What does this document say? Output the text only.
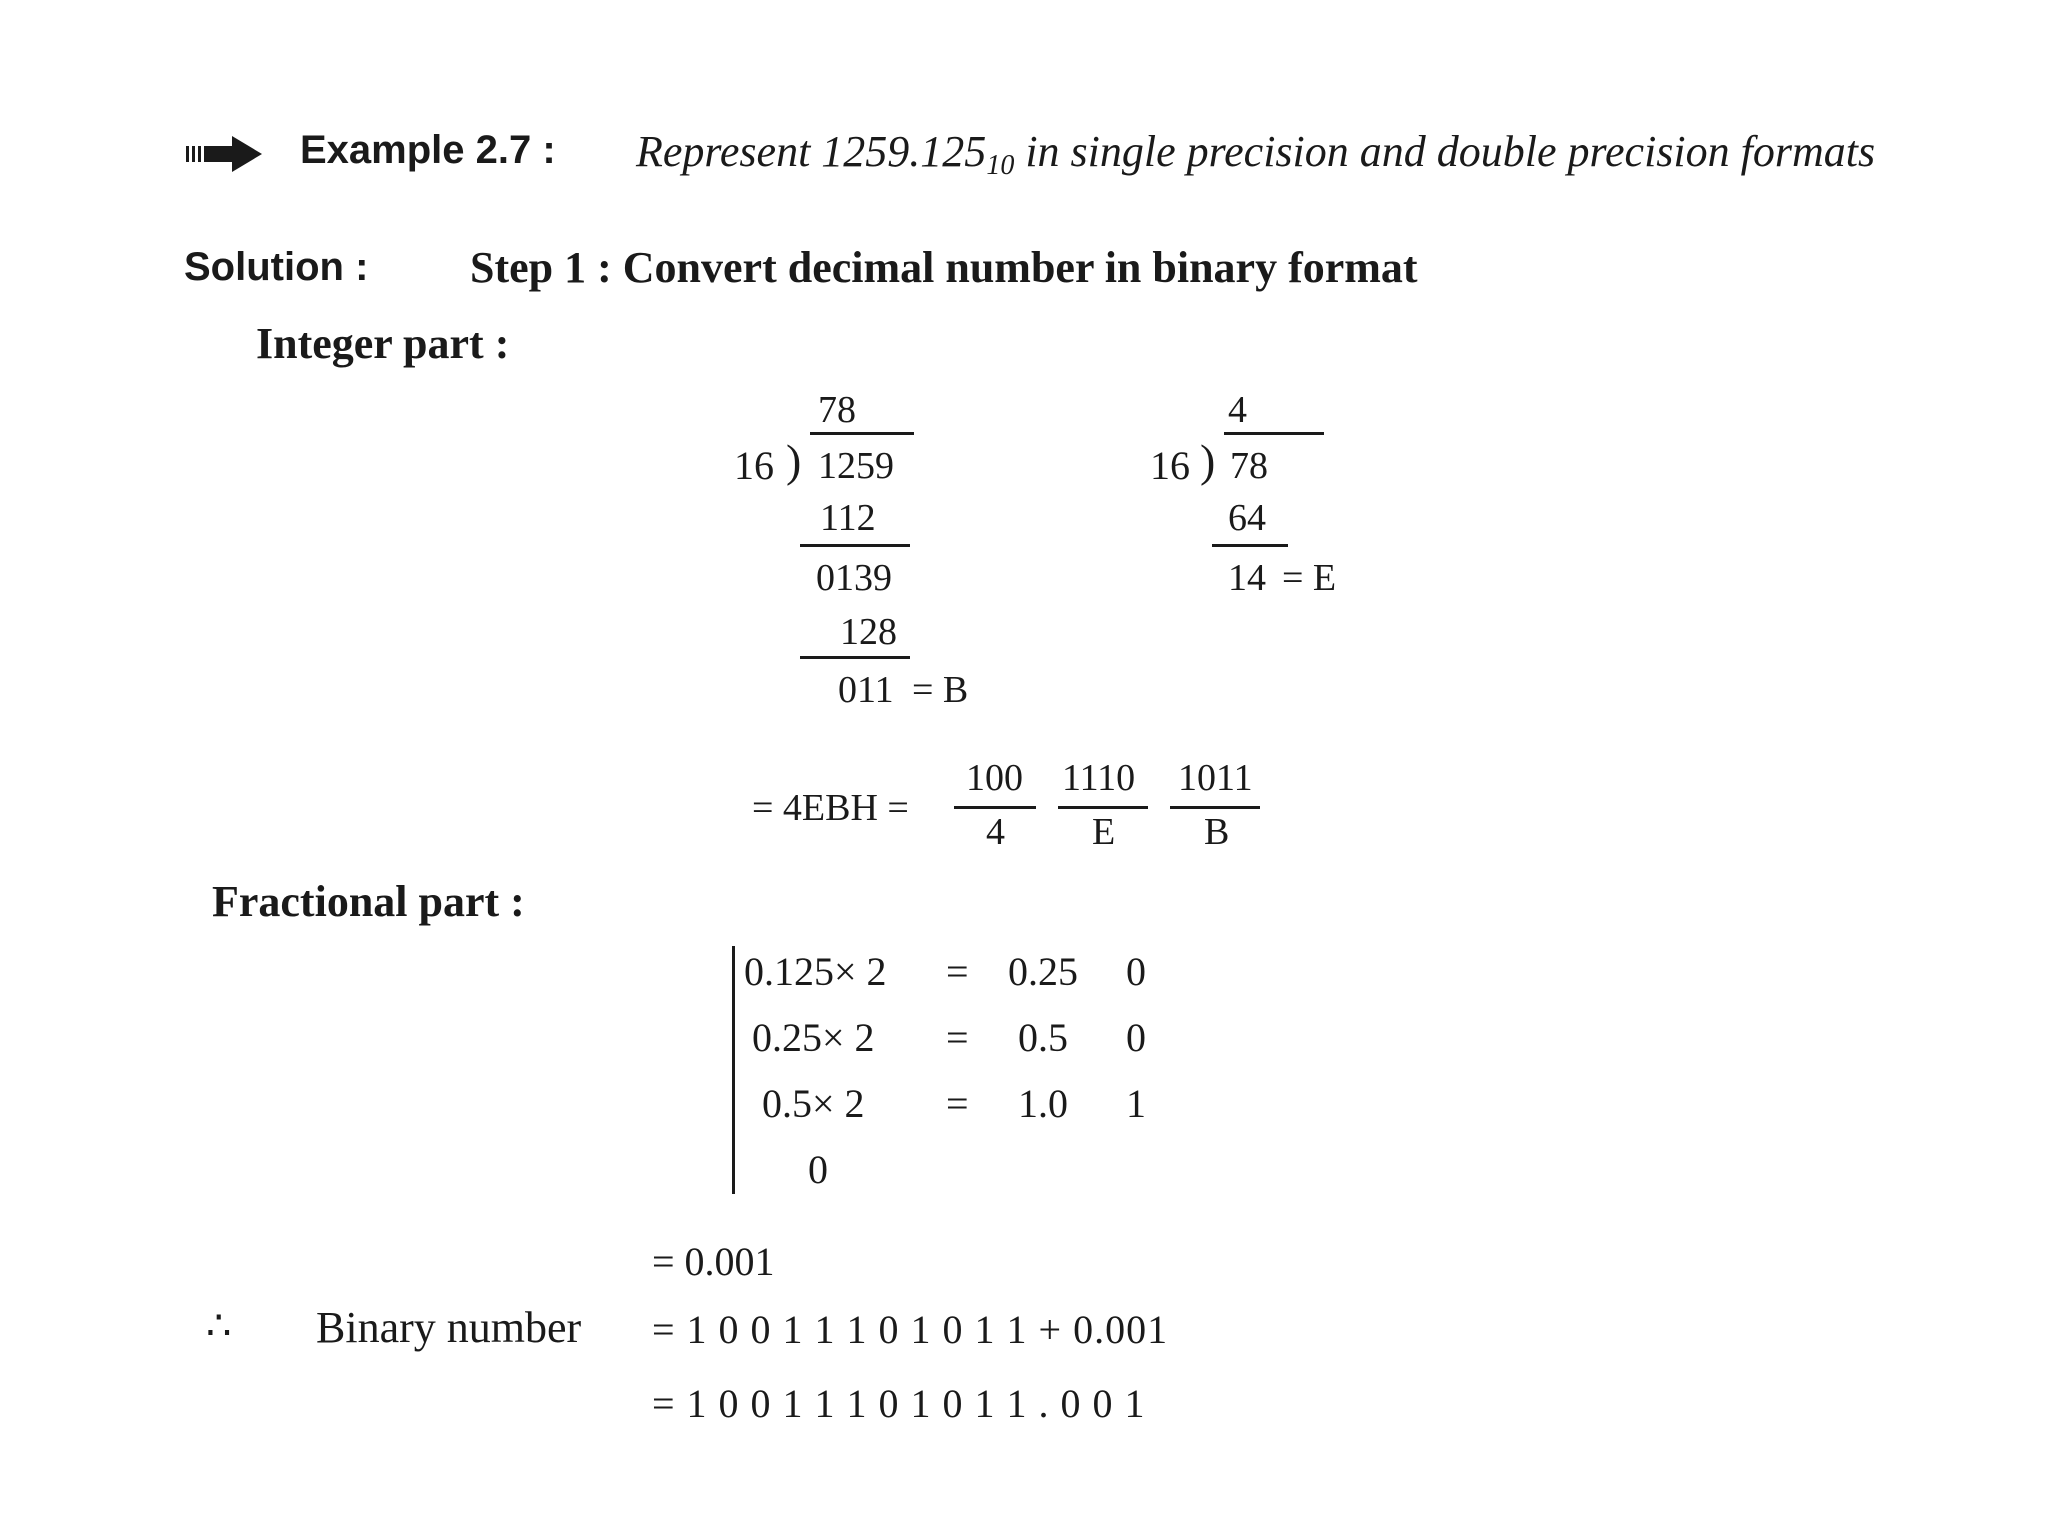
Example 2.7 : Represent $1259.125_{10}$ in single precision and double precision formats
Solution : Step 1 : Convert decimal number in binary format
Integer part :
78
16 ) 1259
112
0139
128
011 = B
4
16 ) 78
64
14 = E
= 4EBH =
100
4
1110
E
1011
B
Fractional part :
0.125× 2 = 0.25 0
0.25× 2 = 0.5 0
0.5× 2 = 1.0 1
0
= 0.001
∴ Binary number = 1 0 0 1 1 1 0 1 0 1 1 + 0.001
= 1 0 0 1 1 1 0 1 0 1 1 . 0 0 1
